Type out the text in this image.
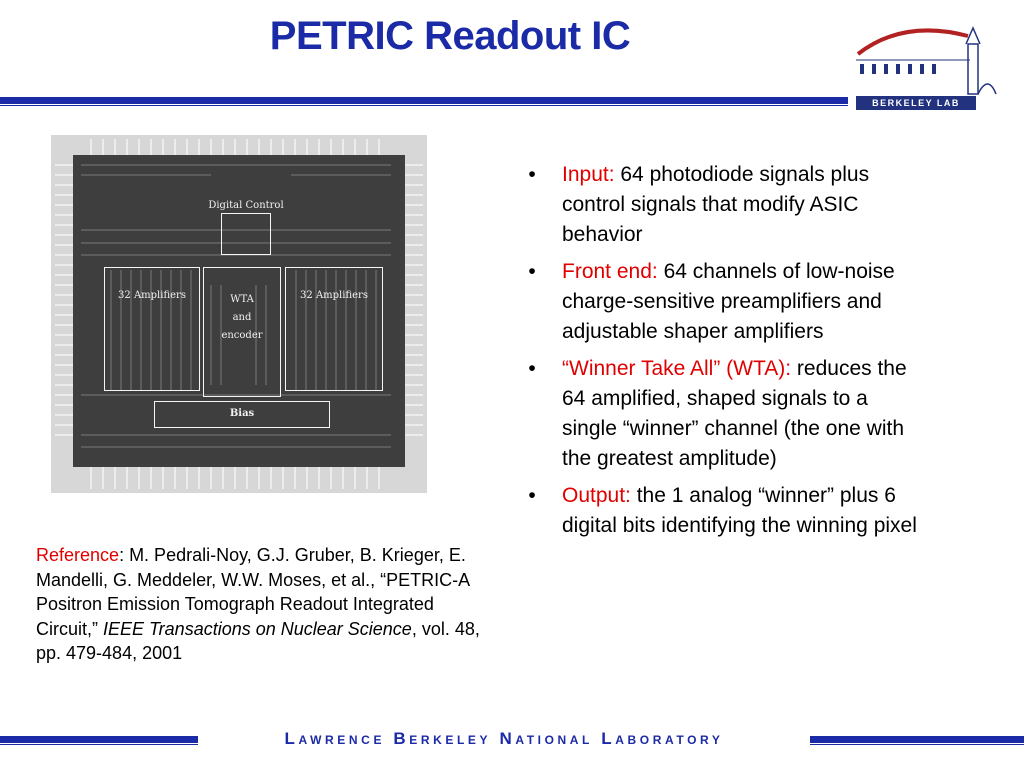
PETRIC Readout IC
BERKELEY LAB
Digital Control
32 Amplifiers	WTA
and
encoder
32 Amplifiers
Bias
•	Input: 64 photodiode signals plus control signals that modify ASIC behavior
•	Front end: 64 channels of low-noise charge-sensitive preamplifiers and adjustable shaper amplifiers
•	“Winner Take All” (WTA): reduces the 64 amplified, shaped signals to a single “winner” channel (the one with the greatest amplitude)
•	Output: the 1 analog “winner” plus 6 digital bits identifying the winning pixel
Reference: M. Pedrali-Noy, G.J. Gruber, B. Krieger, E. Mandelli, G. Meddeler, W.W. Moses, et al., “PETRIC-A Positron Emission Tomograph Readout Integrated Circuit,” IEEE Transactions on Nuclear Science, vol. 48, pp. 479-484, 2001
Lawrence Berkeley National Laboratory
